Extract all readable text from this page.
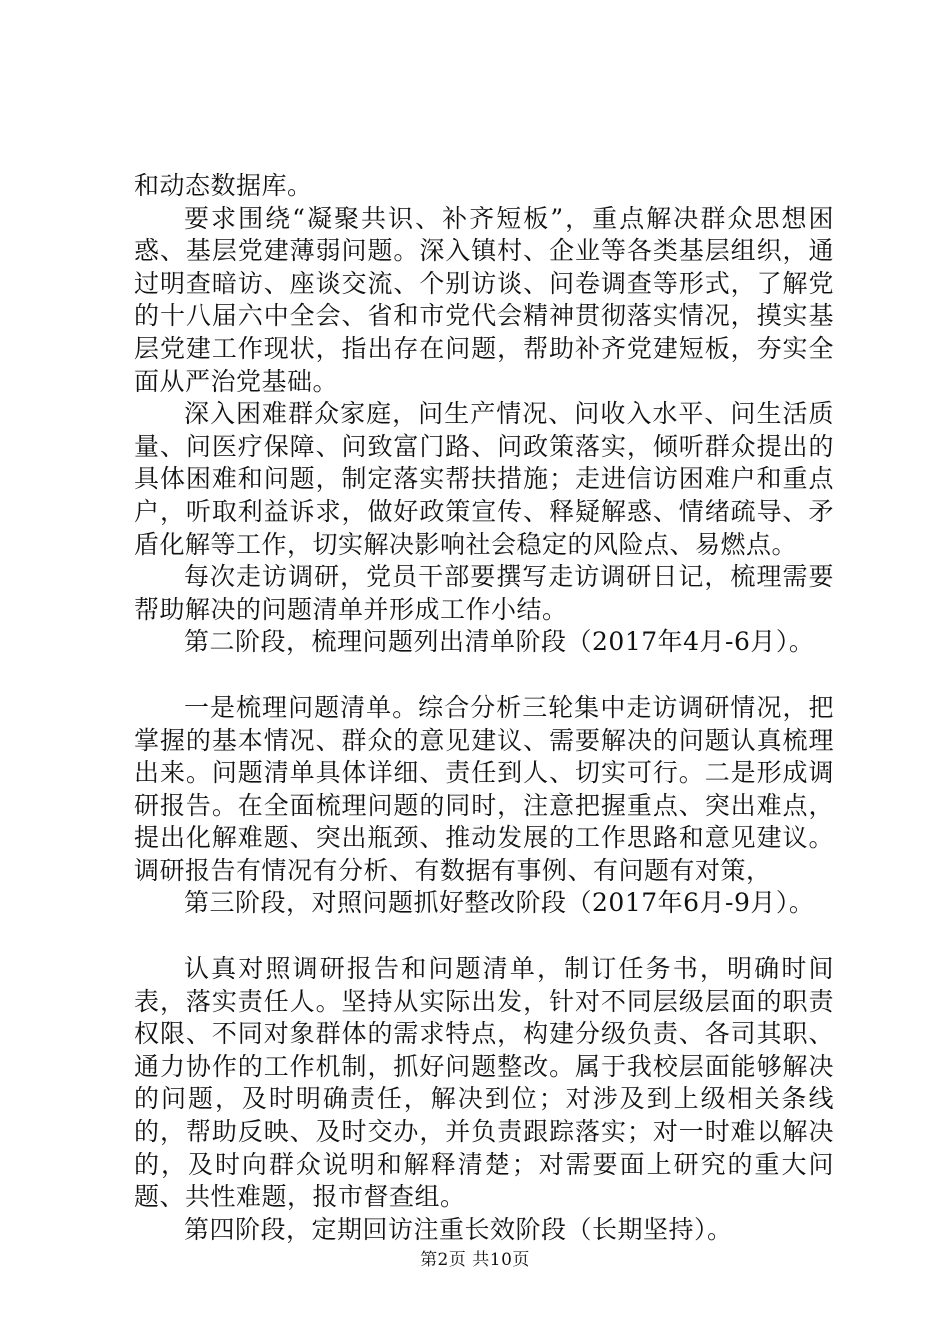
和动态数据库。

要求围绕“凝聚共识、补齐短板”，重点解决群众思想困惑、基层党建薄弱问题。深入镇村、企业等各类基层组织，通过明查暗访、座谈交流、个别访谈、问卷调查等形式，了解党的十八届六中全会、省和市党代会精神贯彻落实情况，摸实基层党建工作现状，指出存在问题，帮助补齐党建短板，夯实全面从严治党基础。

深入困难群众家庭，问生产情况、问收入水平、问生活质量、问医疗保障、问致富门路、问政策落实，倾听群众提出的具体困难和问题，制定落实帮扶措施；走进信访困难户和重点户，听取利益诉求，做好政策宣传、释疑解惑、情绪疏导、矛盾化解等工作，切实解决影响社会稳定的风险点、易燃点。

每次走访调研，党员干部要撰写走访调研日记，梳理需要帮助解决的问题清单并形成工作小结。

第二阶段，梳理问题列出清单阶段（2017年4月-6月）。

一是梳理问题清单。综合分析三轮集中走访调研情况，把掌握的基本情况、群众的意见建议、需要解决的问题认真梳理出来。问题清单具体详细、责任到人、切实可行。二是形成调研报告。在全面梳理问题的同时，注意把握重点、突出难点，提出化解难题、突出瓶颈、推动发展的工作思路和意见建议。调研报告有情况有分析、有数据有事例、有问题有对策，

第三阶段，对照问题抓好整改阶段（2017年6月-9月）。

认真对照调研报告和问题清单，制订任务书，明确时间表，落实责任人。坚持从实际出发，针对不同层级层面的职责权限、不同对象群体的需求特点，构建分级负责、各司其职、通力协作的工作机制，抓好问题整改。属于我校层面能够解决的问题，及时明确责任，解决到位；对涉及到上级相关条线的，帮助反映、及时交办，并负责跟踪落实；对一时难以解决的，及时向群众说明和解释清楚；对需要面上研究的重大问题、共性难题，报市督查组。

第四阶段，定期回访注重长效阶段（长期坚持）。

第2页 共10页
